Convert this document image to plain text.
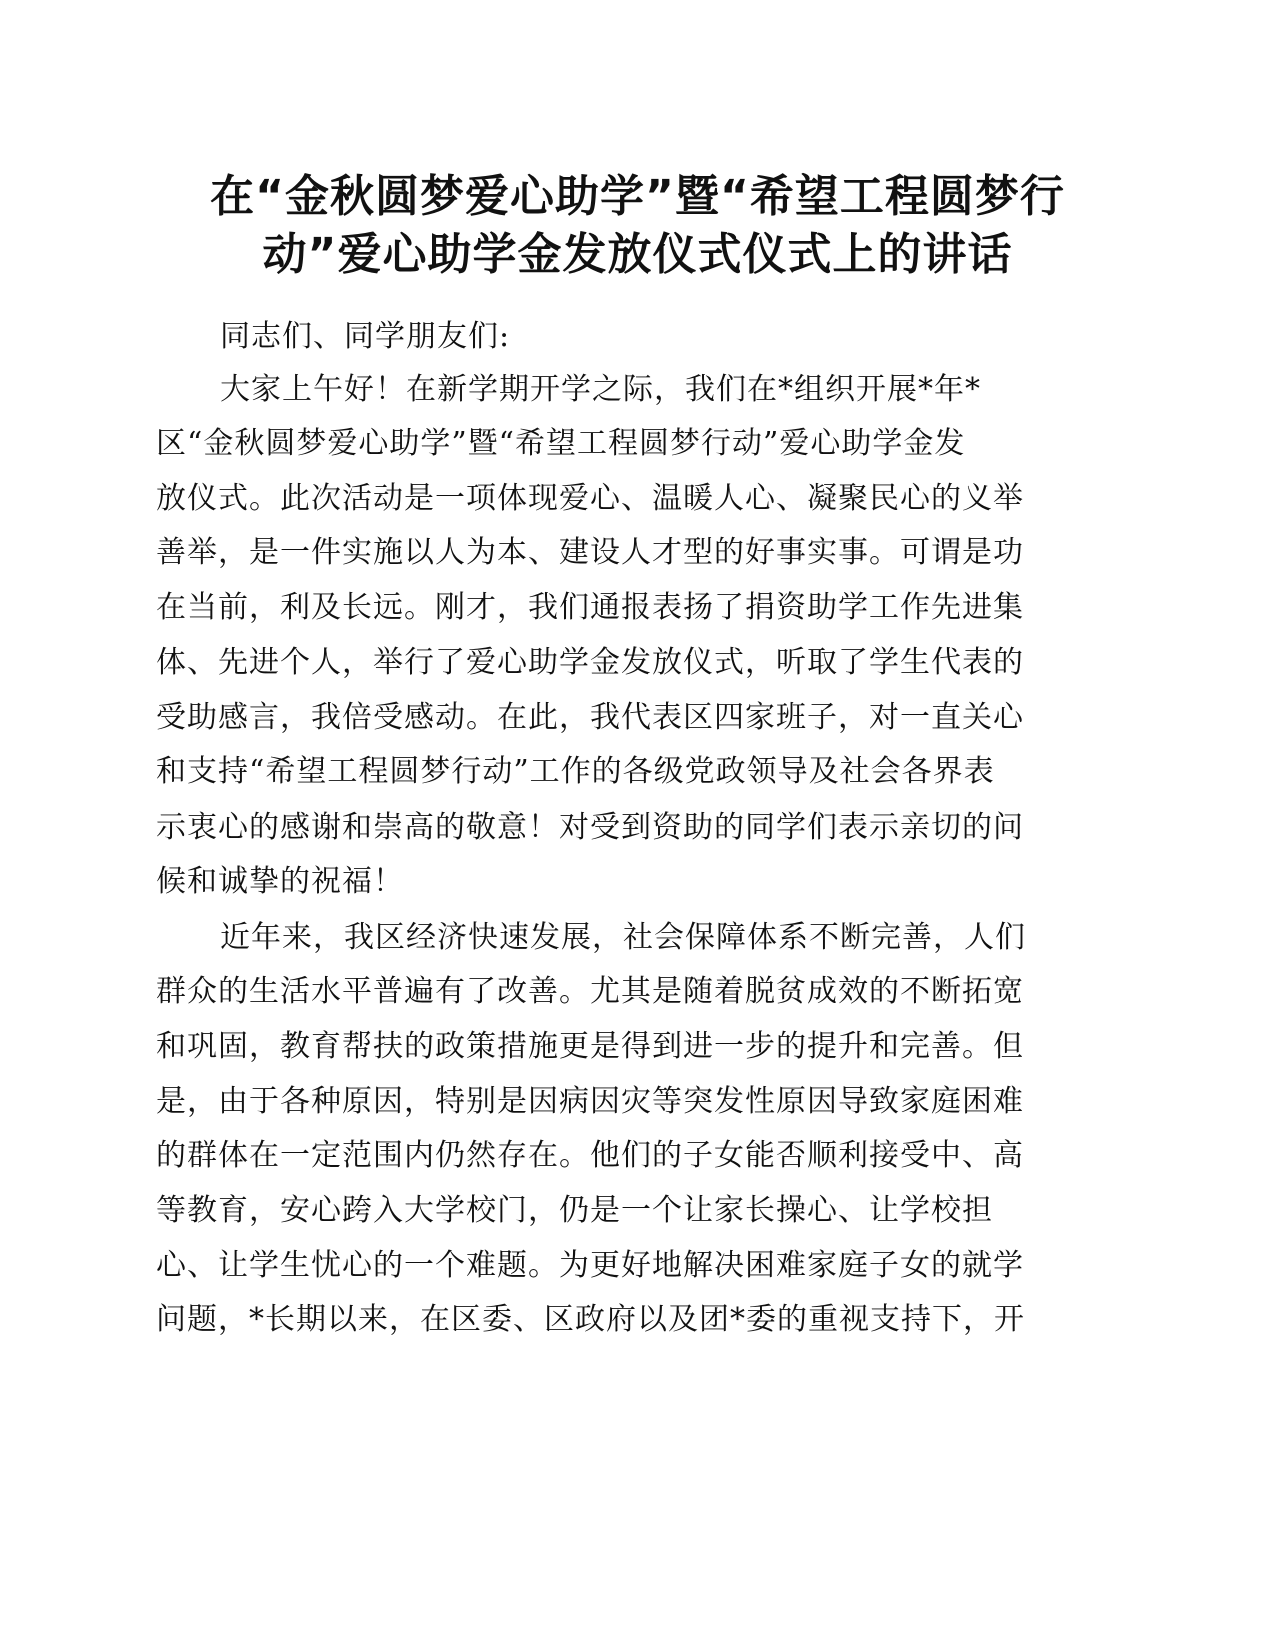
在“金秋圆梦爱心助学”暨“希望工程圆梦行
动”爱心助学金发放仪式仪式上的讲话
同志们、同学朋友们:
大家上午好！在新学期开学之际，我们在*组织开展*年*
区“金秋圆梦爱心助学”暨“希望工程圆梦行动”爱心助学金发
放仪式。此次活动是一项体现爱心、温暖人心、凝聚民心的义举
善举，是一件实施以人为本、建设人才型的好事实事。可谓是功
在当前，利及长远。刚才，我们通报表扬了捐资助学工作先进集
体、先进个人，举行了爱心助学金发放仪式，听取了学生代表的
受助感言，我倍受感动。在此，我代表区四家班子，对一直关心
和支持“希望工程圆梦行动”工作的各级党政领导及社会各界表
示衷心的感谢和崇高的敬意！对受到资助的同学们表示亲切的问
候和诚挚的祝福！
近年来，我区经济快速发展，社会保障体系不断完善，人们
群众的生活水平普遍有了改善。尤其是随着脱贫成效的不断拓宽
和巩固，教育帮扶的政策措施更是得到进一步的提升和完善。但
是，由于各种原因，特别是因病因灾等突发性原因导致家庭困难
的群体在一定范围内仍然存在。他们的子女能否顺利接受中、高
等教育，安心跨入大学校门，仍是一个让家长操心、让学校担
心、让学生忧心的一个难题。为更好地解决困难家庭子女的就学
问题，*长期以来，在区委、区政府以及团*委的重视支持下，开
